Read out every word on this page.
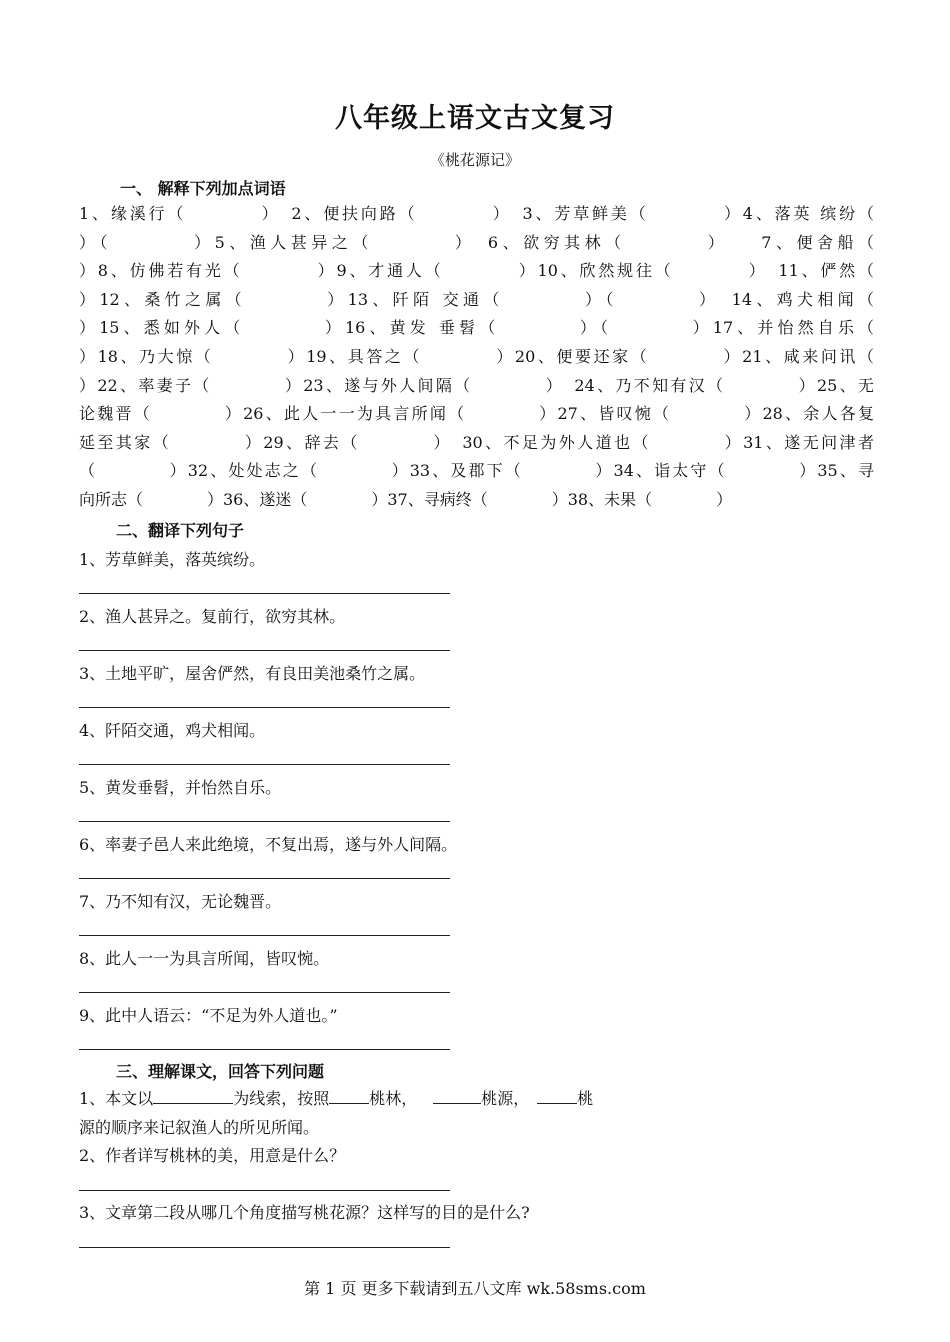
八年级上语文古文复习
《桃花源记》
一、 解释下列加点词语
1、缘溪行（　　　　）　2、便扶向路（　　　　）　3、芳草鲜美（　　　　）4、落英 缤纷（
）（　　　　）5、渔人甚异之（　　　　）　6、欲穷其林（　　　　）　　7、便舍船（
）8、仿佛若有光（　　　　）9、才通人（　　　　）10、欣然规往（　　　　）　11、俨然（
）12、桑竹之属（　　　　）13、阡陌 交通（　　　　）（　　　　）　14、鸡犬相闻（
）15、悉如外人（　　　　）16、黄发 垂髫（　　　　）（　　　　）17、并怡然自乐（
）18、乃大惊（　　　　）19、具答之（　　　　）20、便要还家（　　　　）21、咸来问讯（
）22、率妻子（　　　　）23、遂与外人间隔（　　　　）　24、乃不知有汉（　　　　）25、无
论魏晋（　　　　）26、此人一一为具言所闻（　　　　）27、皆叹惋（　　　　）28、余人各复
延至其家（　　　　）29、辞去（　　　　）　30、不足为外人道也（　　　　）31、遂无问津者
（　　　　）32、处处志之（　　　　）33、及郡下（　　　　）34、诣太守（　　　　）35、寻
向所志（　　　　）36、遂迷（　　　　）37、寻病终（　　　　）38、未果（　　　　）
二、翻译下列句子
1、芳草鲜美，落英缤纷。
2、渔人甚异之。复前行，欲穷其林。
3、土地平旷，屋舍俨然，有良田美池桑竹之属。
4、阡陌交通，鸡犬相闻。
5、黄发垂髫，并怡然自乐。
6、率妻子邑人来此绝境，不复出焉，遂与外人间隔。
7、乃不知有汉，无论魏晋。
8、此人一一为具言所闻，皆叹惋。
9、此中人语云：“不足为外人道也。”
三、理解课文，回答下列问题
1、本文以	为线索，按照	桃林，	桃源，	桃
源的顺序来记叙渔人的所见所闻。
2、作者详写桃林的美，用意是什么？
3、文章第二段从哪几个角度描写桃花源？这样写的目的是什么?
第 1 页 更多下载请到五八文库 wk.58sms.com
